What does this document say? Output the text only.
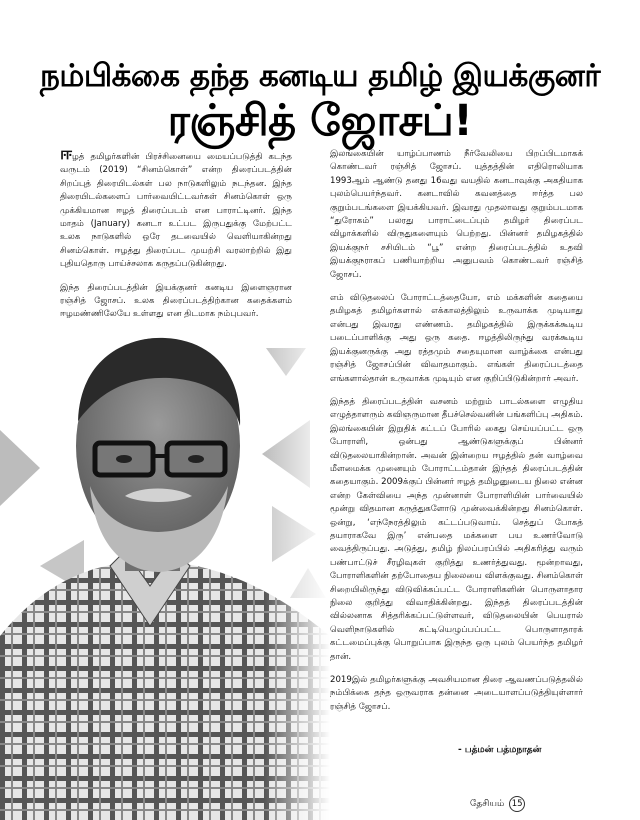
நம்பிக்கை தந்த கனடிய தமிழ் இயக்குனர்
ரஞ்சித் ஜோசப்!

ஈழத் தமிழர்களின் பிரச்சினையை மையப்படுத்தி கடந்த வருடம் (2019) “சினம்கொள்” என்ற திரைப்படத்தின் சிறப்புத் திரையிடல்கள் பல நாடுகளிலும் நடந்தன. இந்த திரையிடல்களைப் பார்வையிட்டவர்கள் சினம்கொள் ஒரு முக்கியமான ஈழத் திரைப்படம் என பாராட்டினர். இந்த மாதம் (January) கனடா உட்பட இருபதுக்கு மேற்பட்ட உலக நாடுகளில் ஒரே தடவையில் வெளியாகின்றது சினம்கொள். ஈழத்து திரைப்பட முயற்சி வரலாற்றில் இது புதியதொரு பாய்ச்சலாக கருதப்படுகின்றது.

இந்த திரைப்படத்தின் இயக்குனர் கனடிய இளைஞரான ரஞ்சித் ஜோசப். உலக திரைப்படத்திற்கான கதைக்களம் ஈழமண்ணிலேயே உள்ளது என திடமாக நம்புபவர்.

இலங்கையின் யாழ்ப்பாணம் நீர்வேலியை பிறப்பிடமாகக் கொண்டவர் ரஞ்சித் ஜோசப். யுத்தத்தின் எதிரொலியாக 1993ஆம் ஆண்டு தனது 16வது வயதில் கனடாவுக்கு அகதியாக புலம்பெயர்ந்தவர். கனடாவில் கவனத்தை ஈர்த்த பல குறும்படங்களை இயக்கியவர். இவரது முதலாவது குறும்படமாக “துரோகம்” பலரது பாராட்டைப்பும் தமிழர் திரைப்பட விழாக்களில் விருதுகளையும் பெற்றது. பின்னர் தமிழகத்தில் இயக்குநர் சசியிடம் “பூ” என்ற திரைப்படத்தில் உதவி இயக்குநராகப் பணியாற்றிய அனுபவம் கொண்டவர் ரஞ்சித் ஜோசப்.

எம் விடுதலைப் போராட்டத்தையோ, எம் மக்களின் கதையை தமிழகத் தமிழர்களால் எக்காலத்திலும் உருவாக்க முடியாது என்பது இவரது எண்ணம். தமிழகத்தில் இருக்கக்கூடிய படைப்பாளிக்கு அது ஒரு கதை. ஈழத்திலிருந்து வரக்கூடிய இயக்குனருக்கு அது ரத்தமும் சதையுமான வாழ்க்கை என்பது ரஞ்சித் ஜோசப்பின் விவாதமாகும். எங்கள் திரைப்படத்தை எங்களால்தான் உருவாக்க முடியும் என குறிப்பிடுகின்றார் அவர்.

இந்தத் திரைப்படத்தின் வசனம் மற்றும் பாடல்களை எழுதிய எழுத்தாளரும் கவிஞருமான தீபச்செல்வனின் பங்களிப்பு அதிகம். இலங்கையின் இறுதிக் கட்டப் போரில் கைது செய்யப்பட்ட ஒரு போராளி, ஒன்பது ஆண்டுகளுக்குப் பின்னர் விடுதலையாகின்றான். அவன் இன்றைய ஈழத்தில் தன் வாழ்வை மீளமைக்க முனையும் போராட்டம்தான் இந்தத் திரைப்படத்தின் கதையாகும். 2009க்குப் பின்னர் ஈழத் தமிழனுடைய நிலை என்ன என்ற கேள்வியை அந்த முன்னாள் போராளியின் பார்வையில் மூன்று விதமான கருத்துகளோடு முன்வைக்கின்றது சினம்கொள். ஒன்று, ‘எந்நேரத்திலும் கட்டப்படுவாய். செத்துப் போகத் தயாராகவே இரு’ என்பதை மக்களை பய உணர்வோடு வைத்திருப்பது. அடுத்து, தமிழ் நிலப்பரப்பில் அதிகரித்து வரும் பண்பாட்டுச் சீரழிவுகள் குறித்து உணர்த்துவது. மூன்றாவது, போராளிகளின் தற்போதைய நிலையை விளக்குவது. சினம்கொள் சிறையிலிருந்து விடுவிக்கப்பட்ட போராளிகளின் பொருளாதார நிலை குறித்து விவாதிக்கின்றது. இந்தத் திரைப்படத்தின் வில்லனாக சித்தரிக்கப்பட்டுள்ளவர், விடுதலையின் பெயரால் வெளிநாடுகளில் கட்டியெழுப்பப்பட்ட பொருளாதாரக் கட்டமைப்புக்கு பொறுப்பாக இருந்த ஒரு புலம் பெயர்ந்த தமிழர் தான்.

2019இல் தமிழர்களுக்கு அவசியமான திரை ஆவணப்படுத்தலில் நம்பிக்கை தந்த ஒருவராக தன்னை அடையாளப்படுத்தியுள்ளார் ரஞ்சித் ஜோசப்.

- பத்மன் பத்மநாதன்
தேசியம் 15
